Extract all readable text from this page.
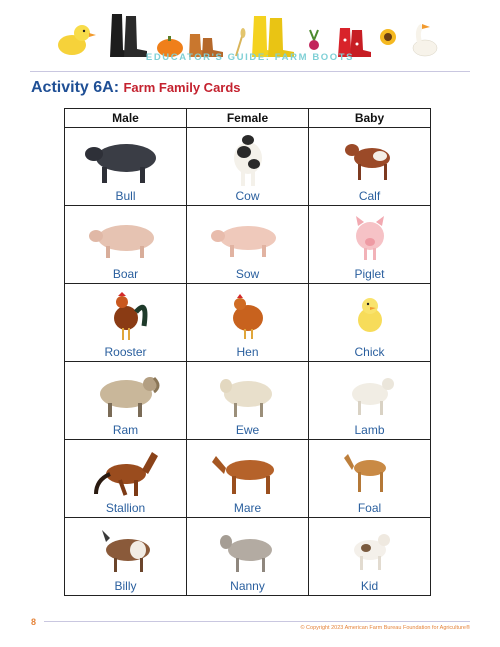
EDUCATOR'S GUIDE: FARM BOOTS
Activity 6A: Farm Family Cards
Male	Female	Baby

Bull	Cow	Calf

Boar	Sow	Piglet

Rooster	Hen	Chick

Ram	Ewe	Lamb

Stallion	Mare	Foal

Billy	Nanny	Kid
8
© Copyright 2023 American Farm Bureau Foundation for Agriculture®
